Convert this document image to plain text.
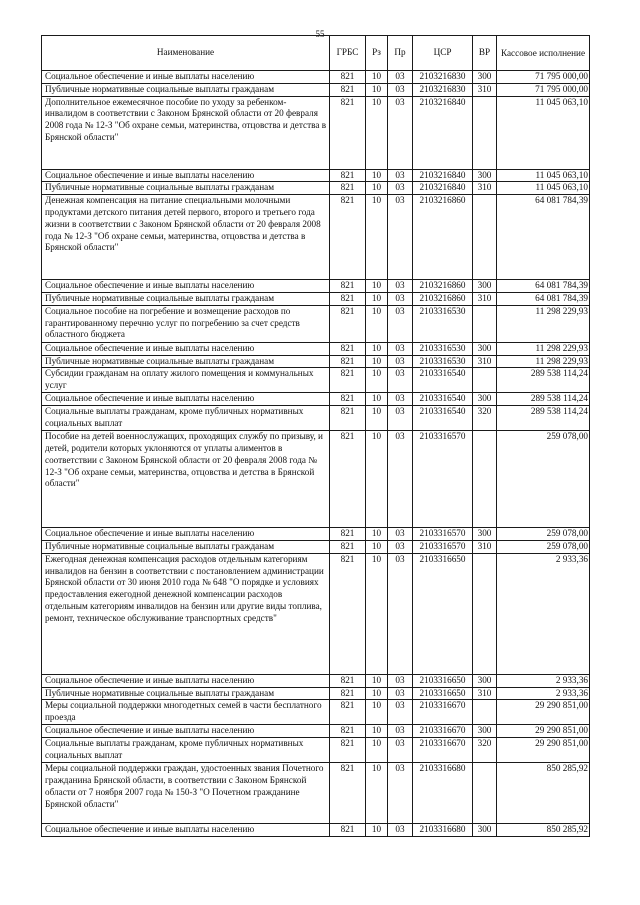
55
Наименование	ГРБС	Рз	Пр	ЦСР	ВР	Кассовое исполнение
Социальное обеспечение и иные выплаты населению	821	10	03	2103216830	300	71 795 000,00
Публичные нормативные социальные выплаты гражданам	821	10	03	2103216830	310	71 795 000,00
Дополнительное ежемесячное пособие по уходу за ребенком-инвалидом в соответствии с Законом Брянской области от 20 февраля 2008 года № 12-З "Об охране семьи, материнства, отцовства и детства в Брянской области"	821	10	03	2103216840		11 045 063,10
Социальное обеспечение и иные выплаты населению	821	10	03	2103216840	300	11 045 063,10
Публичные нормативные социальные выплаты гражданам	821	10	03	2103216840	310	11 045 063,10
Денежная компенсация на питание специальными молочными продуктами детского питания детей первого, второго и третьего года жизни в соответствии с Законом Брянской области от 20 февраля 2008 года № 12-З "Об охране семьи, материнства, отцовства и детства в Брянской области"	821	10	03	2103216860		64 081 784,39
Социальное обеспечение и иные выплаты населению	821	10	03	2103216860	300	64 081 784,39
Публичные нормативные социальные выплаты гражданам	821	10	03	2103216860	310	64 081 784,39
Социальное пособие на погребение и возмещение расходов по гарантированному перечню услуг по погребению за счет средств областного бюджета	821	10	03	2103316530		11 298 229,93
Социальное обеспечение и иные выплаты населению	821	10	03	2103316530	300	11 298 229,93
Публичные нормативные социальные выплаты гражданам	821	10	03	2103316530	310	11 298 229,93
Субсидии гражданам на оплату жилого помещения и коммунальных услуг	821	10	03	2103316540		289 538 114,24
Социальное обеспечение и иные выплаты населению	821	10	03	2103316540	300	289 538 114,24
Социальные выплаты гражданам, кроме публичных нормативных социальных выплат	821	10	03	2103316540	320	289 538 114,24
Пособие на детей военнослужащих, проходящих службу по призыву, и детей, родители которых уклоняются от уплаты алиментов в соответствии с Законом Брянской области от 20 февраля 2008 года № 12-З "Об охране семьи, материнства, отцовства и детства в Брянской области"	821	10	03	2103316570		259 078,00
Социальное обеспечение и иные выплаты населению	821	10	03	2103316570	300	259 078,00
Публичные нормативные социальные выплаты гражданам	821	10	03	2103316570	310	259 078,00
Ежегодная денежная компенсация расходов отдельным категориям инвалидов на бензин в соответствии с постановлением администрации Брянской области от 30 июня 2010 года № 648 "О порядке и условиях предоставления ежегодной денежной компенсации расходов отдельным категориям инвалидов на бензин или другие виды топлива, ремонт, техническое обслуживание транспортных средств"	821	10	03	2103316650		2 933,36
Социальное обеспечение и иные выплаты населению	821	10	03	2103316650	300	2 933,36
Публичные нормативные социальные выплаты гражданам	821	10	03	2103316650	310	2 933,36
Меры социальной поддержки многодетных семей в части бесплатного проезда	821	10	03	2103316670		29 290 851,00
Социальное обеспечение и иные выплаты населению	821	10	03	2103316670	300	29 290 851,00
Социальные выплаты гражданам, кроме публичных нормативных социальных выплат	821	10	03	2103316670	320	29 290 851,00
Меры социальной поддержки граждан, удостоенных звания Почетного гражданина Брянской области, в соответствии с Законом Брянской области от 7 ноября 2007 года № 150-З "О Почетном гражданине Брянской области"	821	10	03	2103316680		850 285,92
Социальное обеспечение и иные выплаты населению	821	10	03	2103316680	300	850 285,92
